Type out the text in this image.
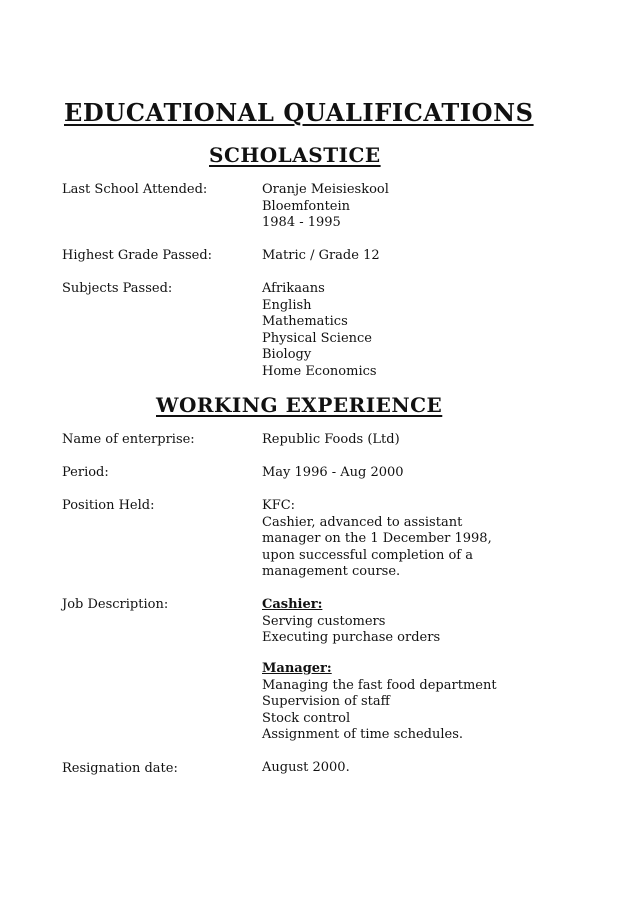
EDUCATIONAL QUALIFICATIONS
SCHOLASTICE
Last School Attended:	Oranje Meisieskool
Bloemfontein
1984 - 1995
Highest Grade Passed:	Matric / Grade 12
Subjects Passed:	Afrikaans
English
Mathematics
Physical Science
Biology
Home Economics
WORKING EXPERIENCE
Name of enterprise:	Republic Foods (Ltd)
Period:	May 1996 - Aug 2000
Position Held:	KFC:
Cashier, advanced to assistant
manager on the 1 December 1998,
upon successful completion of a
management course.
Job Description:	Cashier:
Serving customers
Executing purchase orders
Manager:
Managing the fast food department
Supervision of staff
Stock control
Assignment of time schedules.
Resignation date:	August 2000.
